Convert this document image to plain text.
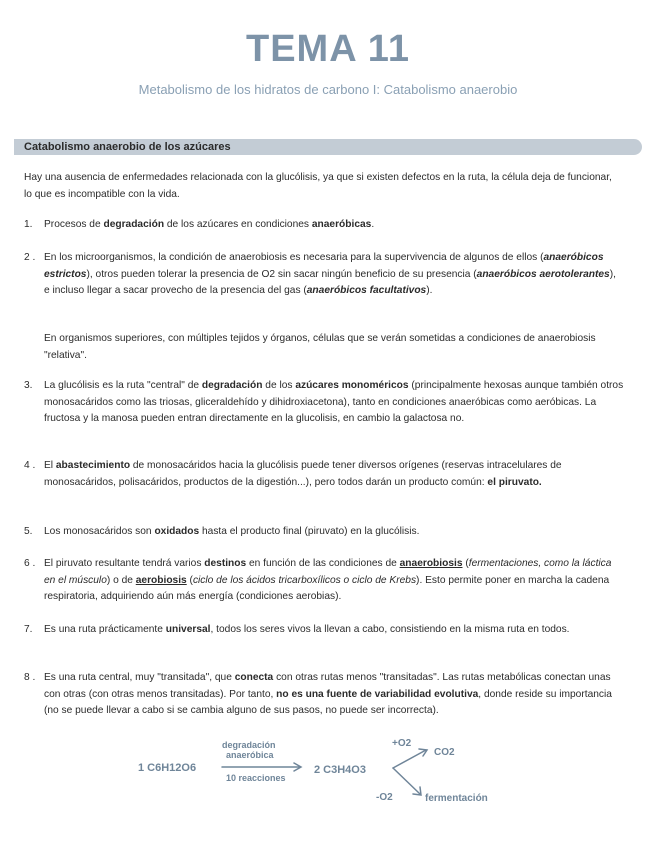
TEMA 11
Metabolismo de los hidratos de carbono I: Catabolismo anaerobio
Catabolismo anaerobio de los azúcares
Hay una ausencia de enfermedades relacionada con la glucólisis, ya que si existen defectos en la ruta, la célula deja de funcionar, lo que es incompatible con la vida.
1. Procesos de degradación de los azúcares en condiciones anaeróbicas.
2 . En los microorganismos, la condición de anaerobiosis es necesaria para la supervivencia de algunos de ellos (anaeróbicos estrictos), otros pueden tolerar la presencia de O2 sin sacar ningún beneficio de su presencia (anaeróbicos aerotolerantes), e incluso llegar a sacar provecho de la presencia del gas (anaeróbicos facultativos).
En organismos superiores, con múltiples tejidos y órganos, células que se verán sometidas a condiciones de anaerobiosis "relativa".
3. La glucólisis es la ruta "central" de degradación de los azúcares monoméricos (principalmente hexosas aunque también otros monosacáridos como las triosas, gliceraldehído y dihidroxiacetona), tanto en condiciones anaeróbicas como aeróbicas. La fructosa y la manosa pueden entran directamente en la glucolisis, en cambio la galactosa no.
4 . El abastecimiento de monosacáridos hacia la glucólisis puede tener diversos orígenes (reservas intracelulares de monosacáridos, polisacáridos, productos de la digestión...), pero todos darán un producto común: el piruvato.
5. Los monosacáridos son oxidados hasta el producto final (piruvato) en la glucólisis.
6 . El piruvato resultante tendrá varios destinos en función de las condiciones de anaerobiosis (fermentaciones, como la láctica en el músculo) o de aerobiosis (ciclo de los ácidos tricarboxílicos o ciclo de Krebs). Esto permite poner en marcha la cadena respiratoria, adquiriendo aún más energía (condiciones aerobias).
7. Es una ruta prácticamente universal, todos los seres vivos la llevan a cabo, consistiendo en la misma ruta en todos.
8 . Es una ruta central, muy "transitada", que conecta con otras rutas menos "transitadas". Las rutas metabólicas conectan unas con otras (con otras menos transitadas). Por tanto, no es una fuente de variabilidad evolutiva, donde reside su importancia (no se puede llevar a cabo si se cambia alguno de sus pasos, no puede ser incorrecta).
1 C6H12O6
degradación
anaeróbica
10 reacciones
2 C3H4O3
+O2
CO2
-O2	fermentación
